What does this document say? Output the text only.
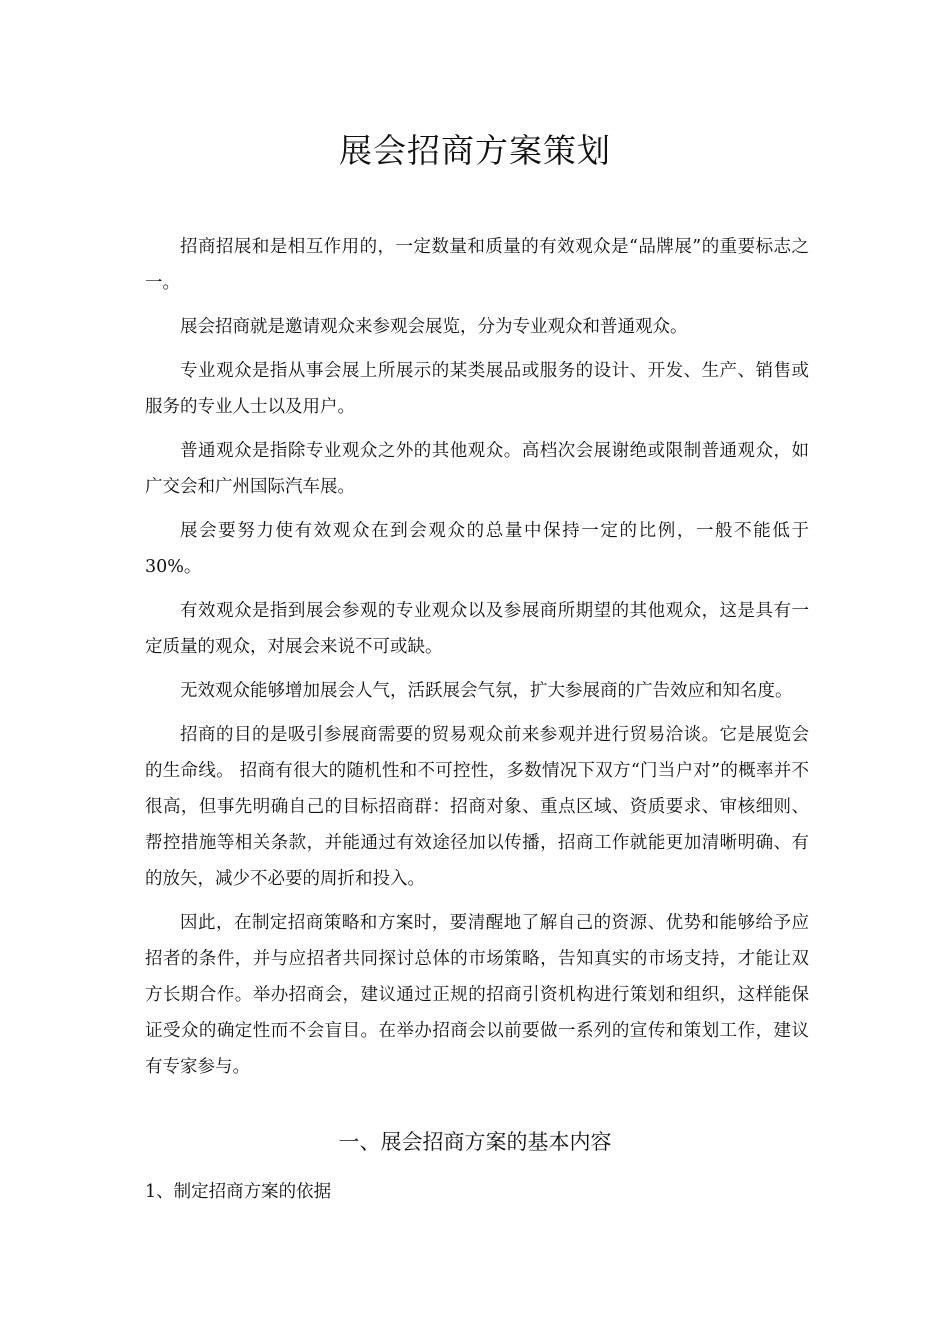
展会招商方案策划

招商招展和是相互作用的，一定数量和质量的有效观众是“品牌展”的重要标志之一。

展会招商就是邀请观众来参观会展览，分为专业观众和普通观众。

专业观众是指从事会展上所展示的某类展品或服务的设计、开发、生产、销售或服务的专业人士以及用户。

普通观众是指除专业观众之外的其他观众。高档次会展谢绝或限制普通观众，如广交会和广州国际汽车展。

展会要努力使有效观众在到会观众的总量中保持一定的比例，一般不能低于30%。

有效观众是指到展会参观的专业观众以及参展商所期望的其他观众，这是具有一定质量的观众，对展会来说不可或缺。

无效观众能够增加展会人气，活跃展会气氛，扩大参展商的广告效应和知名度。

招商的目的是吸引参展商需要的贸易观众前来参观并进行贸易洽谈。它是展览会的生命线。 招商有很大的随机性和不可控性，多数情况下双方“门当户对”的概率并不很高，但事先明确自己的目标招商群：招商对象、重点区域、资质要求、审核细则、帮控措施等相关条款，并能通过有效途径加以传播，招商工作就能更加清晰明确、有的放矢，减少不必要的周折和投入。

因此，在制定招商策略和方案时，要清醒地了解自己的资源、优势和能够给予应招者的条件，并与应招者共同探讨总体的市场策略，告知真实的市场支持，才能让双方长期合作。举办招商会，建议通过正规的招商引资机构进行策划和组织，这样能保证受众的确定性而不会盲目。在举办招商会以前要做一系列的宣传和策划工作，建议有专家参与。

一、展会招商方案的基本内容

1、制定招商方案的依据
